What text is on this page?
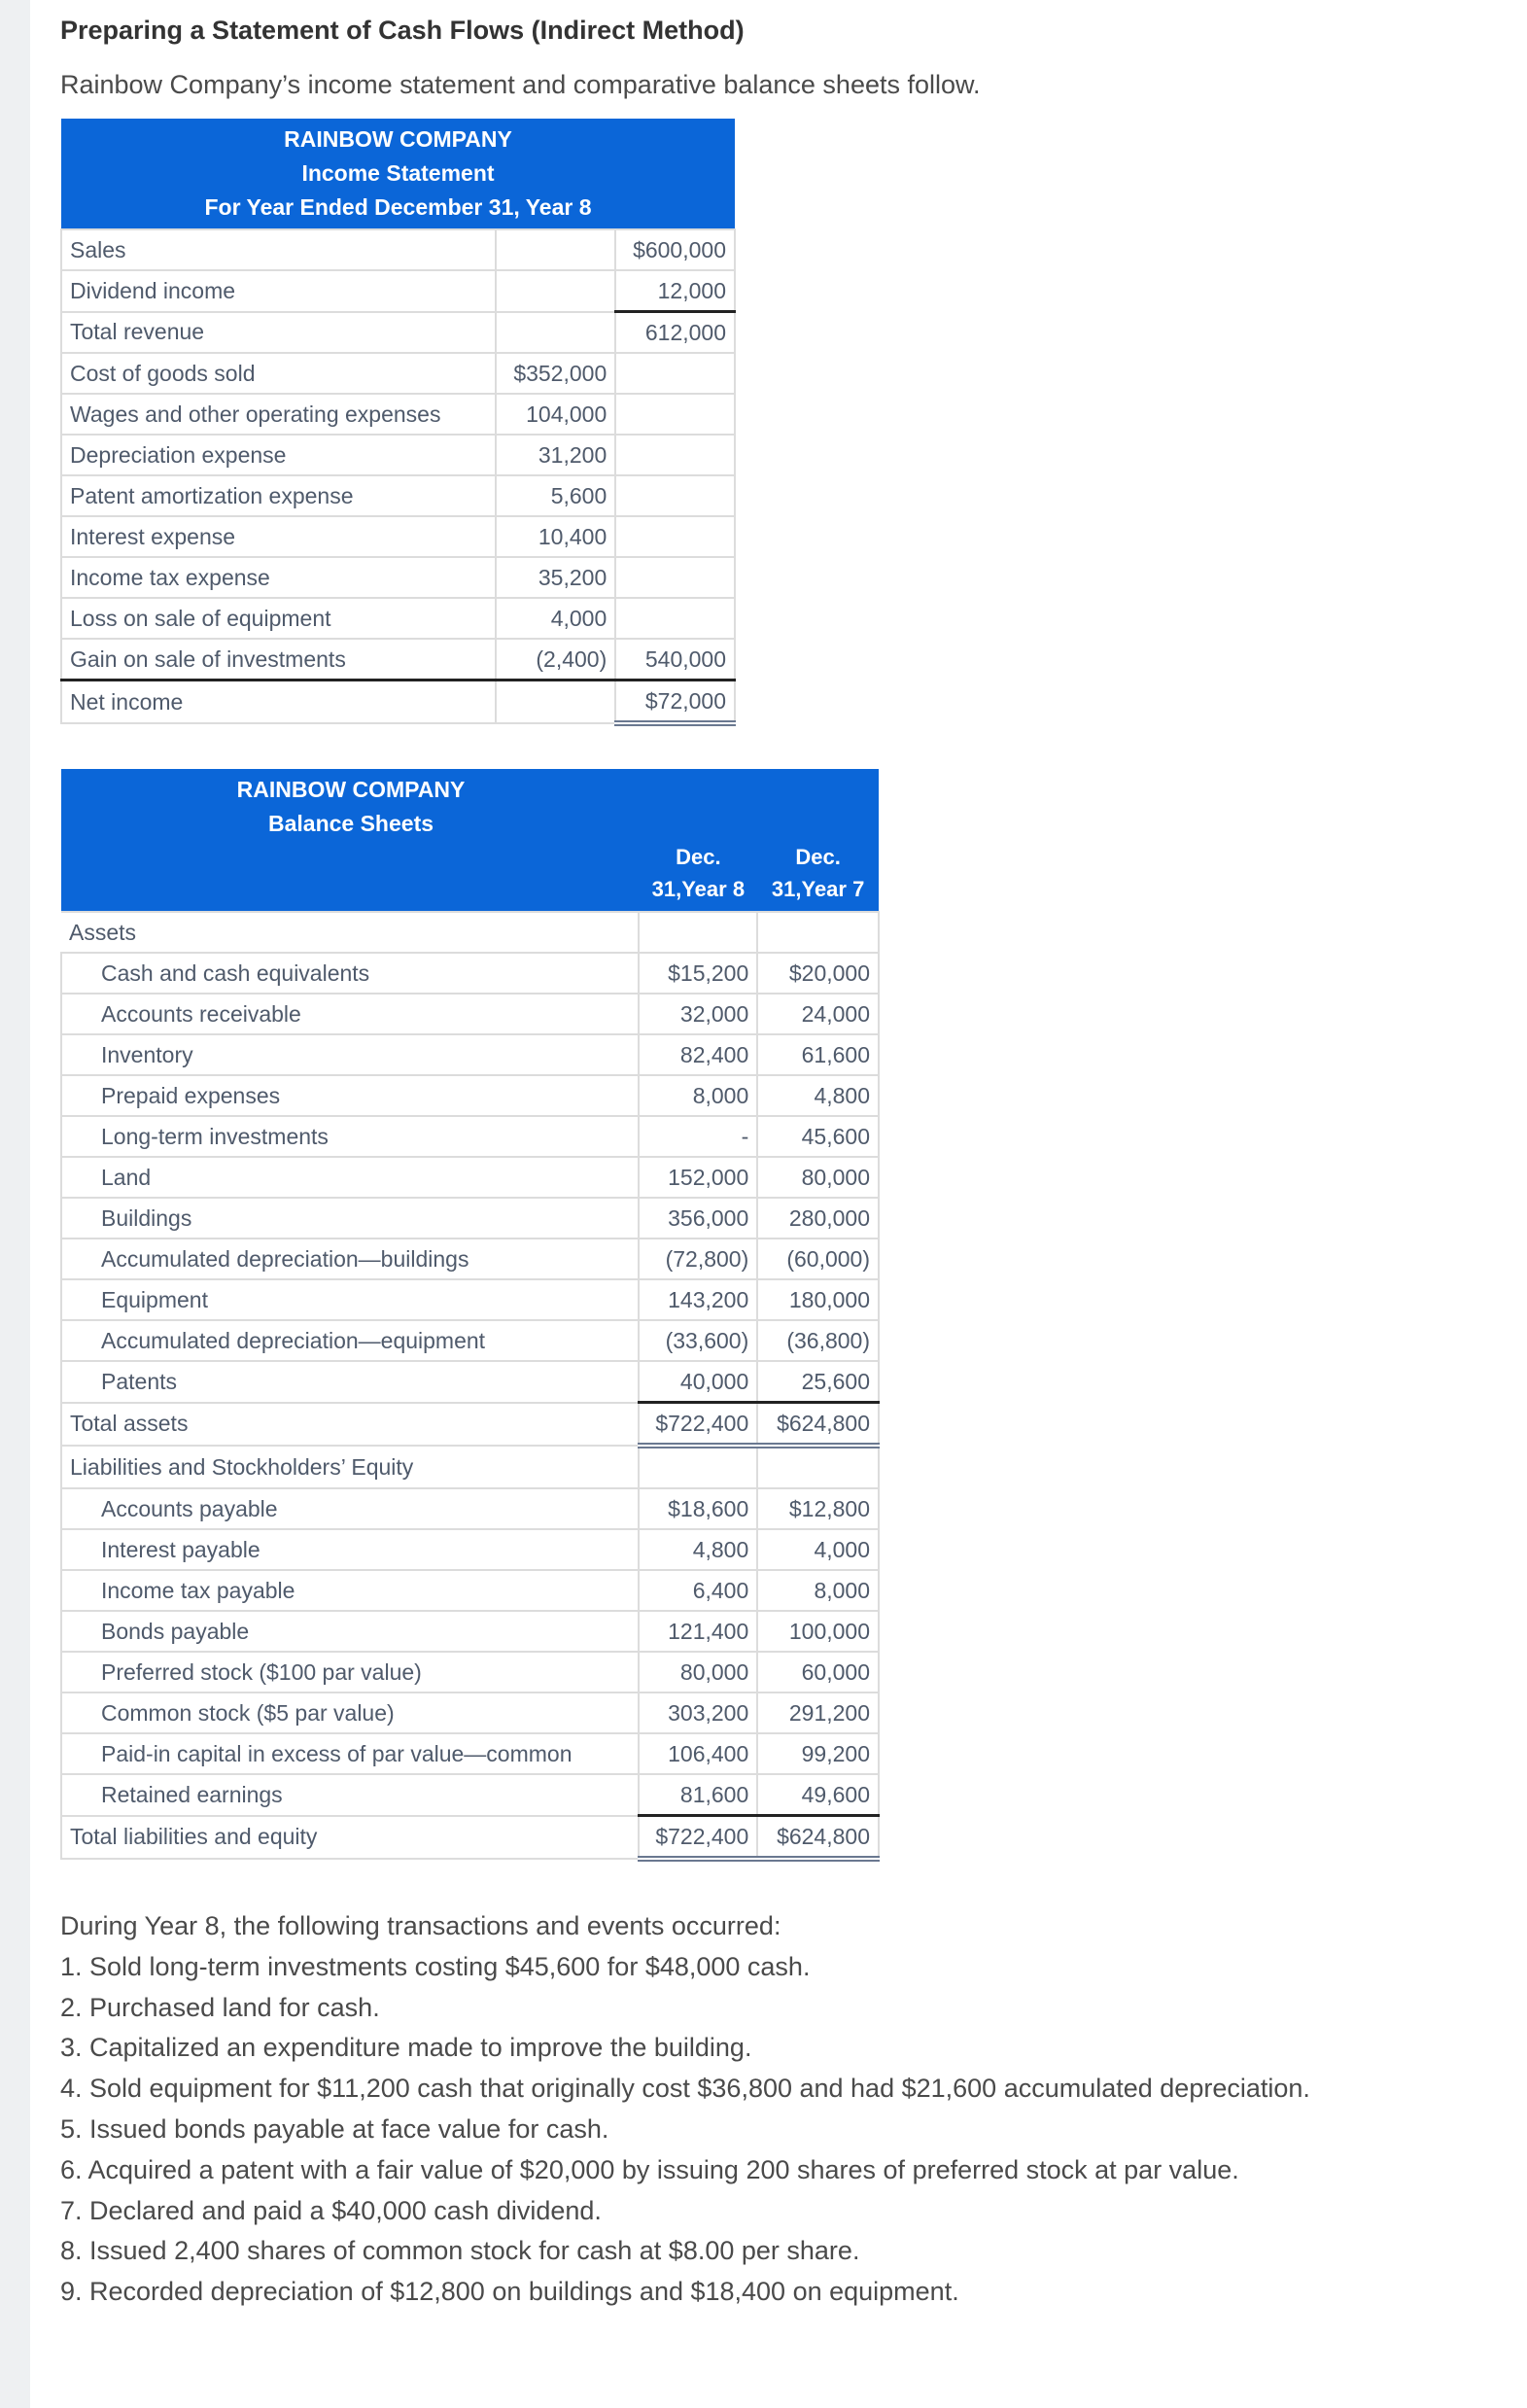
Preparing a Statement of Cash Flows (Indirect Method)

Rainbow Company’s income statement and comparative balance sheets follow.

RAINBOW COMPANY
Income Statement
For Year Ended December 31, Year 8		

Sales		$600,000
Dividend income		12,000
Total revenue		612,000
Cost of goods sold	$352,000	
Wages and other operating expenses	104,000	
Depreciation expense	31,200	
Patent amortization expense	5,600	
Interest expense	10,400	
Income tax expense	35,200	
Loss on sale of equipment	4,000	
Gain on sale of investments	(2,400)	540,000
Net income		$72,000
RAINBOW COMPANY
Balance Sheets		

	Dec. 31,Year 8	Dec. 31,Year 7
Assets		
Cash and cash equivalents	$15,200	$20,000
Accounts receivable	32,000	24,000
Inventory	82,400	61,600
Prepaid expenses	8,000	4,800
Long-term investments	-	45,600
Land	152,000	80,000
Buildings	356,000	280,000
Accumulated depreciation—buildings	(72,800)	(60,000)
Equipment	143,200	180,000
Accumulated depreciation—equipment	(33,600)	(36,800)
Patents	40,000	25,600
Total assets	$722,400	$624,800
Liabilities and Stockholders’ Equity		
Accounts payable	$18,600	$12,800
Interest payable	4,800	4,000
Income tax payable	6,400	8,000
Bonds payable	121,400	100,000
Preferred stock ($100 par value)	80,000	60,000
Common stock ($5 par value)	303,200	291,200
Paid-in capital in excess of par value—common	106,400	99,200
Retained earnings	81,600	49,600
Total liabilities and equity	$722,400	$624,800
During Year 8, the following transactions and events occurred:
1. Sold long-term investments costing $45,600 for $48,000 cash.
2. Purchased land for cash.
3. Capitalized an expenditure made to improve the building.
4. Sold equipment for $11,200 cash that originally cost $36,800 and had $21,600 accumulated depreciation.
5. Issued bonds payable at face value for cash.
6. Acquired a patent with a fair value of $20,000 by issuing 200 shares of preferred stock at par value.
7. Declared and paid a $40,000 cash dividend.
8. Issued 2,400 shares of common stock for cash at $8.00 per share.
9. Recorded depreciation of $12,800 on buildings and $18,400 on equipment.
